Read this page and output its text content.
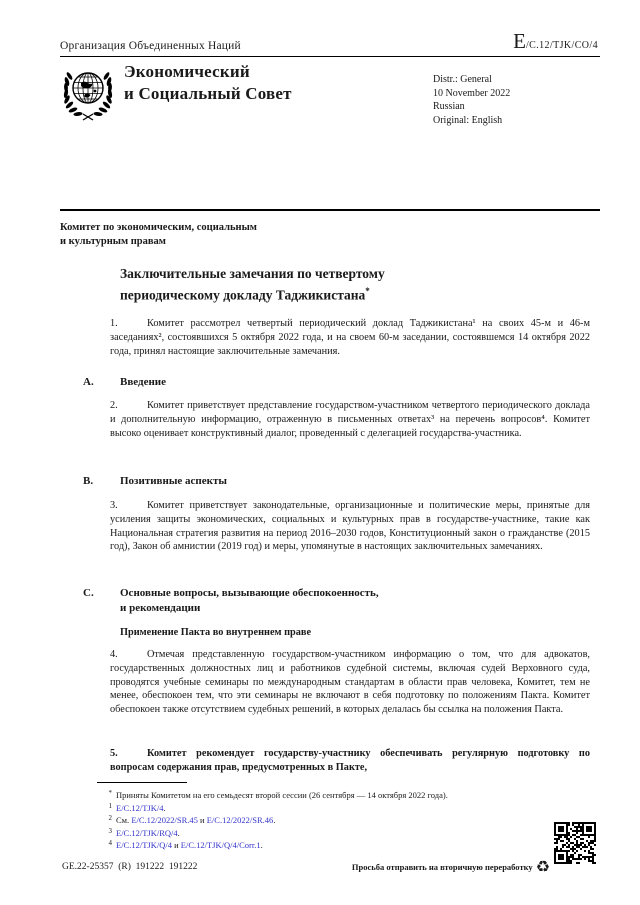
Организация Объединенных Наций	E/C.12/TJK/CO/4
Экономический
и Социальный Совет
Distr.: General
10 November 2022
Russian
Original: English
Комитет по экономическим, социальным
и культурным правам
Заключительные замечания по четвертому
периодическому докладу Таджикистана*
1.	Комитет рассмотрел четвертый периодический доклад Таджикистана¹ на своих 45-м и 46-м заседаниях², состоявшихся 5 октября 2022 года, и на своем 60-м заседании, состоявшемся 14 октября 2022 года, принял настоящие заключительные замечания.
A. Введение
2.	Комитет приветствует представление государством-участником четвертого периодического доклада и дополнительную информацию, отраженную в письменных ответах³ на перечень вопросов⁴. Комитет высоко оценивает конструктивный диалог, проведенный с делегацией государства-участника.
B. Позитивные аспекты
3.	Комитет приветствует законодательные, организационные и политические меры, принятые для усиления защиты экономических, социальных и культурных прав в государстве-участнике, такие как Национальная стратегия развития на период 2016–2030 годов, Конституционный закон о гражданстве (2015 год), Закон об амнистии (2019 год) и меры, упомянутые в настоящих заключительных замечаниях.
C. Основные вопросы, вызывающие обеспокоенность,
и рекомендации
Применение Пакта во внутреннем праве
4.	Отмечая представленную государством-участником информацию о том, что для адвокатов, государственных должностных лиц и работников судебной системы, включая судей Верховного суда, проводятся учебные семинары по международным стандартам в области прав человека, Комитет, тем не менее, обеспокоен тем, что эти семинары не включают в себя подготовку по положениям Пакта. Комитет обеспокоен также отсутствием судебных решений, в которых делалась бы ссылка на положения Пакта.
5.	Комитет рекомендует государству-участнику обеспечивать регулярную подготовку по вопросам содержания прав, предусмотренных в Пакте,
* Приняты Комитетом на его семьдесят второй сессии (26 сентября — 14 октября 2022 года).
1 E/C.12/TJK/4.
2 См. E/C.12/2022/SR.45 и E/C.12/2022/SR.46.
3 E/C.12/TJK/RQ/4.
4 E/C.12/TJK/Q/4 и E/C.12/TJK/Q/4/Corr.1.
GE.22-25357  (R)  191222  191222	Просьба отправить на вторичную переработку ♻
